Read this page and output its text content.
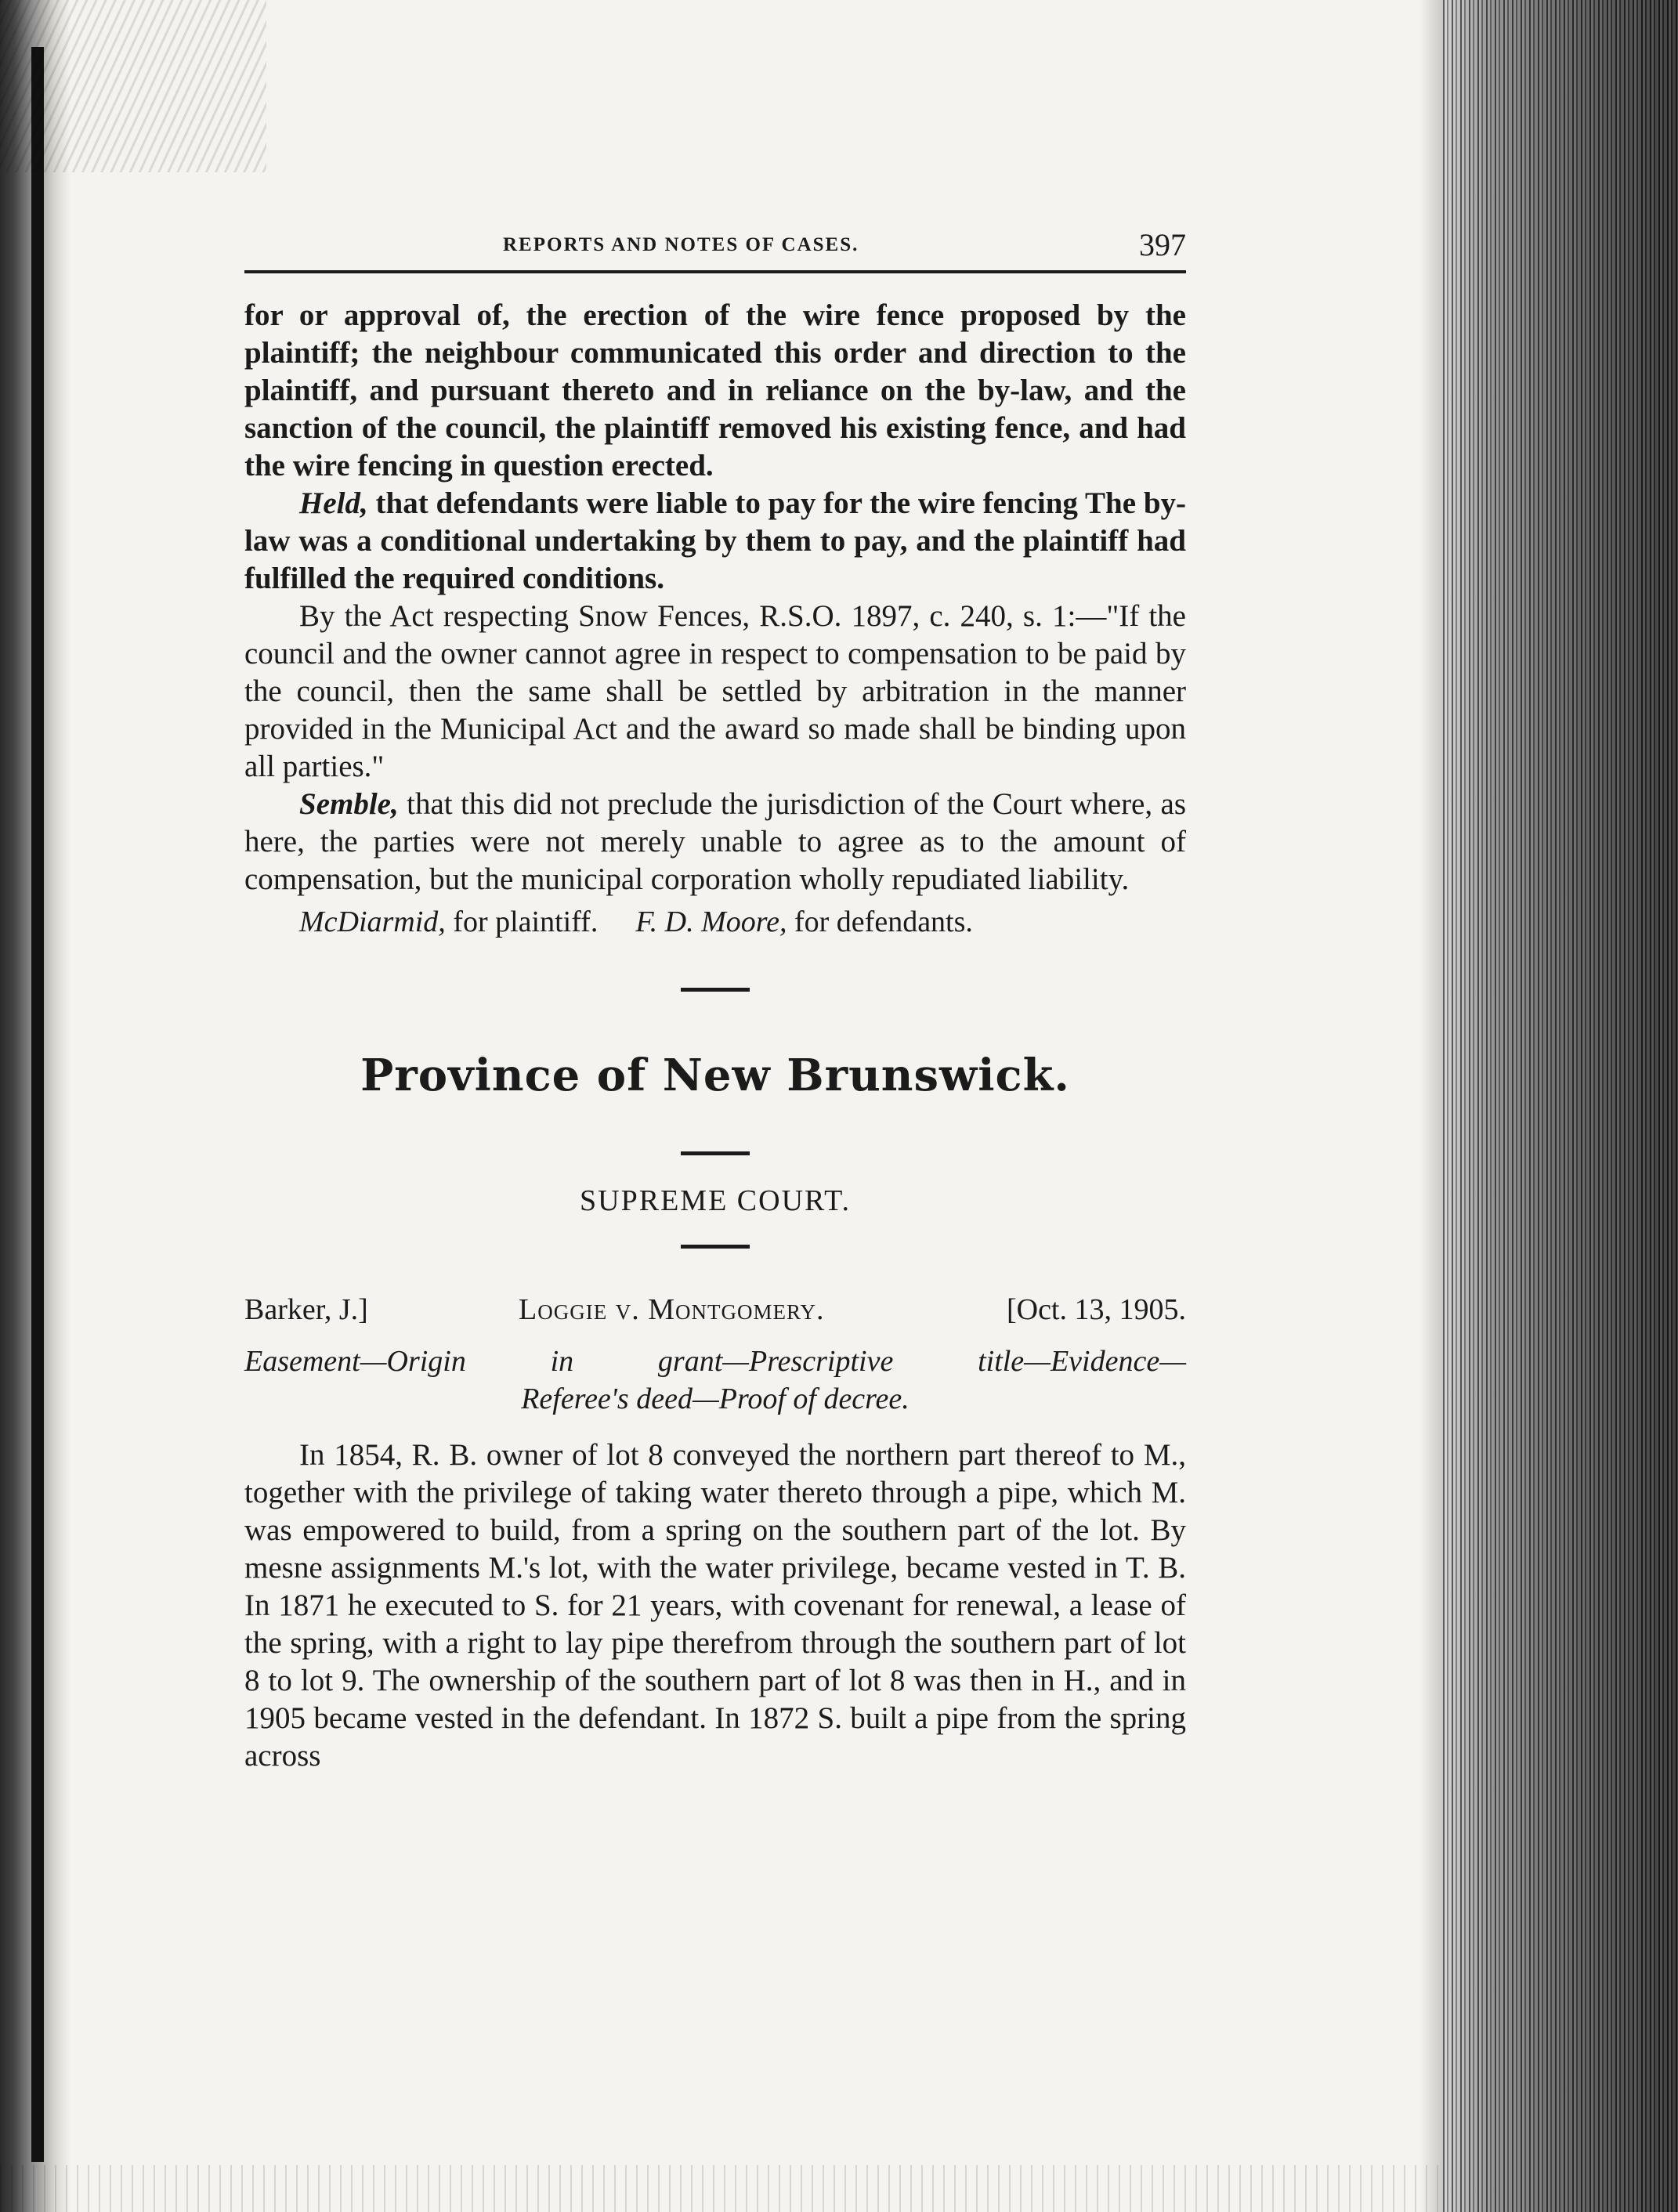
REPORTS AND NOTES OF CASES.	397

for or approval of, the erection of the wire fence proposed by the plaintiff; the neighbour communicated this order and direction to the plaintiff, and pursuant thereto and in reliance on the by-law, and the sanction of the council, the plaintiff removed his existing fence, and had the wire fencing in question erected.

Held, that defendants were liable to pay for the wire fencing The by-law was a conditional undertaking by them to pay, and the plaintiff had fulfilled the required conditions.

By the Act respecting Snow Fences, R.S.O. 1897, c. 240, s. 1:—"If the council and the owner cannot agree in respect to compensation to be paid by the council, then the same shall be settled by arbitration in the manner provided in the Municipal Act and the award so made shall be binding upon all parties."

Semble, that this did not preclude the jurisdiction of the Court where, as here, the parties were not merely unable to agree as to the amount of compensation, but the municipal corporation wholly repudiated liability.

McDiarmid, for plaintiff. F. D. Moore, for defendants.

Province of New Brunswick.
SUPREME COURT.
Barker, J.]	Loggie v. Montgomery.	[Oct. 13, 1905.
Easement—Origin in grant—Prescriptive title—Evidence—
Referee's deed—Proof of decree.

In 1854, R. B. owner of lot 8 conveyed the northern part thereof to M., together with the privilege of taking water thereto through a pipe, which M. was empowered to build, from a spring on the southern part of the lot. By mesne assignments M.'s lot, with the water privilege, became vested in T. B. In 1871 he executed to S. for 21 years, with covenant for renewal, a lease of the spring, with a right to lay pipe therefrom through the southern part of lot 8 to lot 9. The ownership of the southern part of lot 8 was then in H., and in 1905 became vested in the defendant. In 1872 S. built a pipe from the spring across
